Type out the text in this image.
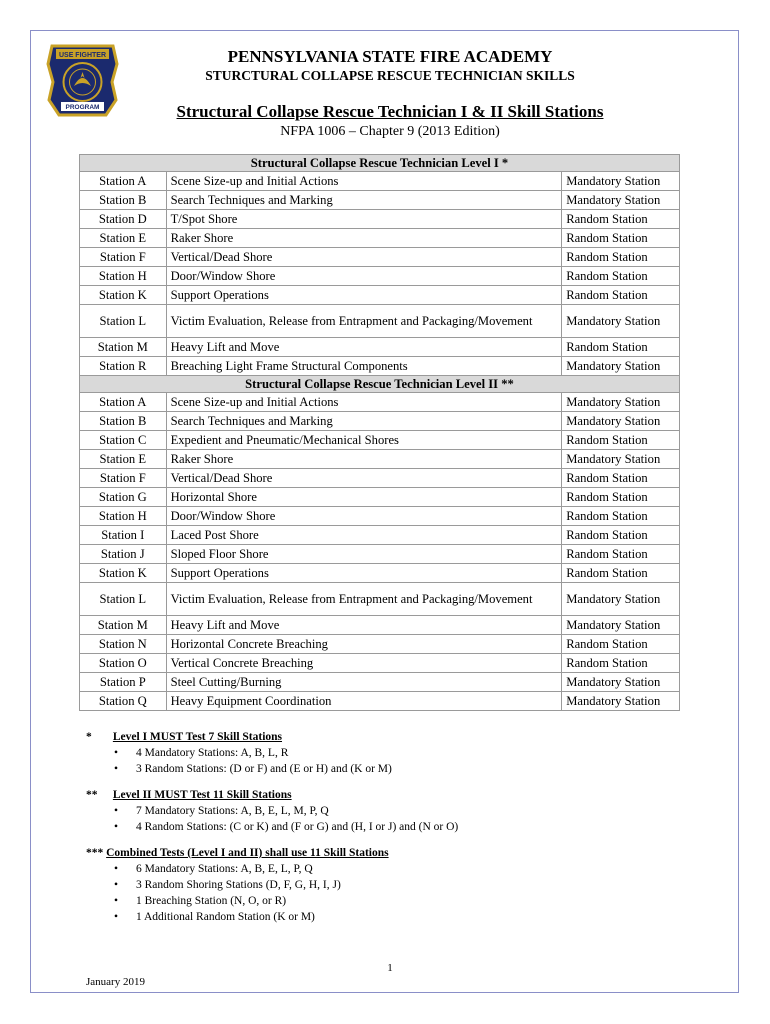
USE FIGHTER
PROGRAM
PENNSYLVANIA STATE FIRE ACADEMY
STURCTURAL COLLAPSE RESCUE TECHNICIAN SKILLS
Structural Collapse Rescue Technician I & II Skill Stations
NFPA 1006 – Chapter 9 (2013 Edition)
Structural Collapse Rescue Technician Level I *		
Station A	Scene Size-up and Initial Actions	Mandatory Station
Station B	Search Techniques and Marking	Mandatory Station
Station D	T/Spot Shore	Random Station
Station E	Raker Shore	Random Station
Station F	Vertical/Dead Shore	Random Station
Station H	Door/Window Shore	Random Station
Station K	Support Operations	Random Station
Station L	Victim Evaluation, Release from Entrapment and Packaging/Movement	Mandatory Station
Station M	Heavy Lift and Move	Random Station
Station R	Breaching Light Frame Structural Components	Mandatory Station
Structural Collapse Rescue Technician Level II **		
Station A	Scene Size-up and Initial Actions	Mandatory Station
Station B	Search Techniques and Marking	Mandatory Station
Station C	Expedient and Pneumatic/Mechanical Shores	Random Station
Station E	Raker Shore	Mandatory Station
Station F	Vertical/Dead Shore	Random Station
Station G	Horizontal Shore	Random Station
Station H	Door/Window Shore	Random Station
Station I	Laced Post Shore	Random Station
Station J	Sloped Floor Shore	Random Station
Station K	Support Operations	Random Station
Station L	Victim Evaluation, Release from Entrapment and Packaging/Movement	Mandatory Station
Station M	Heavy Lift and Move	Mandatory Station
Station N	Horizontal Concrete Breaching	Random Station
Station O	Vertical Concrete Breaching	Random Station
Station P	Steel Cutting/Burning	Mandatory Station
Station Q	Heavy Equipment Coordination	Mandatory Station
* Level I MUST Test 7 Skill Stations
• 4 Mandatory Stations: A, B, L, R
• 3 Random Stations: (D or F) and (E or H) and (K or M)
** Level II MUST Test 11 Skill Stations
• 7 Mandatory Stations: A, B, E, L, M, P, Q
• 4 Random Stations: (C or K) and (F or G) and (H, I or J) and (N or O)
*** Combined Tests (Level I and II) shall use 11 Skill Stations
• 6 Mandatory Stations: A, B, E, L, P, Q
• 3 Random Shoring Stations (D, F, G, H, I, J)
• 1 Breaching Station (N, O, or R)
• 1 Additional Random Station (K or M)
1
January 2019
